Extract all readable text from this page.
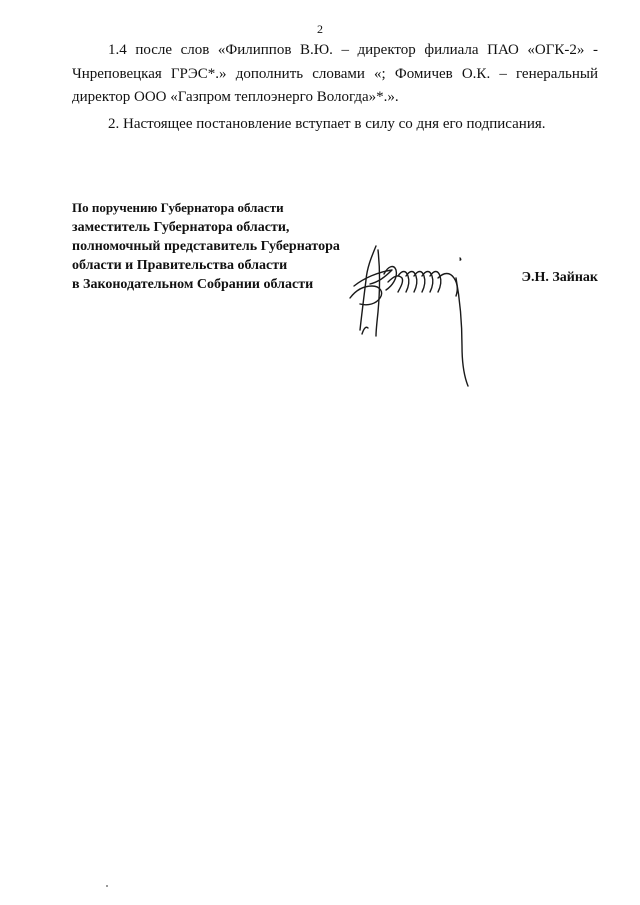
2

1.4 после слов «Филиппов В.Ю. – директор филиала ПАО «ОГК-2» - Чнреповецкая ГРЭС*.» дополнить словами «; Фомичев О.К. – генеральный директор ООО «Газпром теплоэнерго Вологда»*.».

2. Настоящее постановление вступает в силу со дня его подписания.

По поручению Губернатора области

заместитель Губернатора области,

полномочный представитель Губернатора

области и Правительства области

в Законодательном Собрании области	Э.Н. Зайнак
